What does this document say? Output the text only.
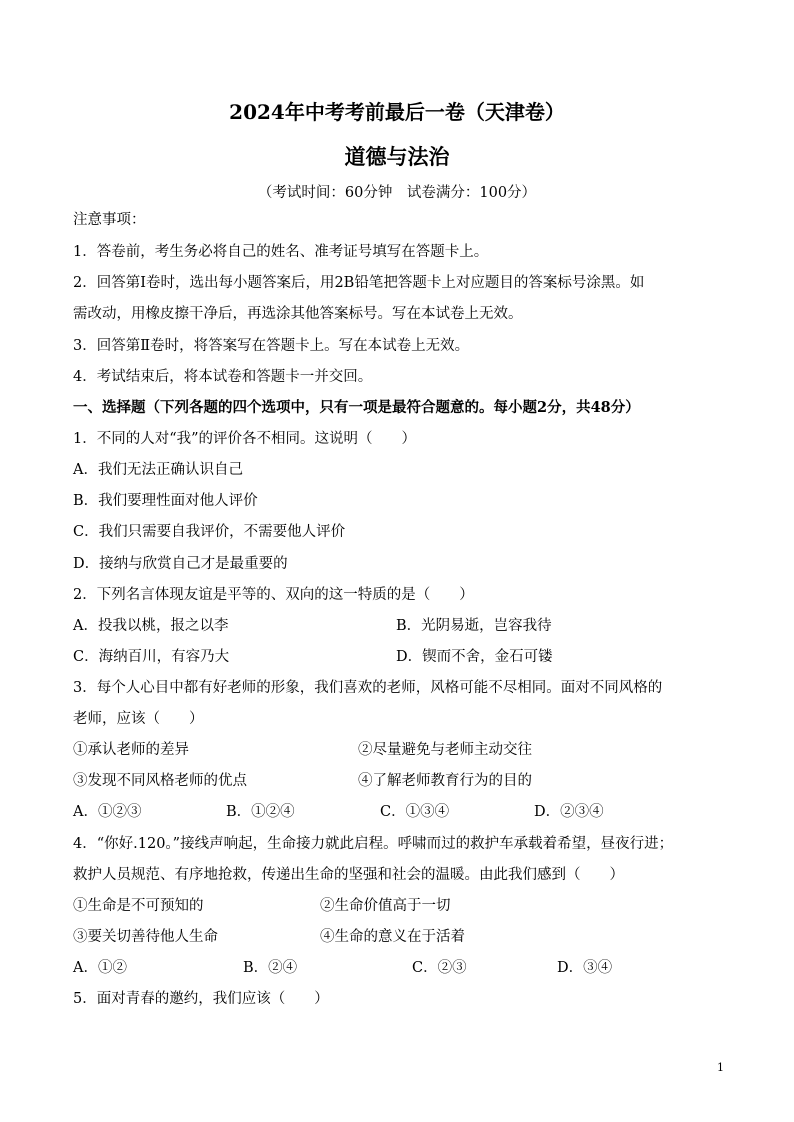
2024年中考考前最后一卷（天津卷）
道德与法治
（考试时间：60分钟　试卷满分：100分）
注意事项：
1．答卷前，考生务必将自己的姓名、准考证号填写在答题卡上。
2．回答第Ⅰ卷时，选出每小题答案后，用2B铅笔把答题卡上对应题目的答案标号涂黑。如
需改动，用橡皮擦干净后，再选涂其他答案标号。写在本试卷上无效。
3．回答第Ⅱ卷时，将答案写在答题卡上。写在本试卷上无效。
4．考试结束后，将本试卷和答题卡一并交回。
一、选择题（下列各题的四个选项中，只有一项是最符合题意的。每小题2分，共48分）
1．不同的人对“我”的评价各不相同。这说明（　　）
A．我们无法正确认识自己
B．我们要理性面对他人评价
C．我们只需要自我评价，不需要他人评价
D．接纳与欣赏自己才是最重要的
2．下列名言体现友谊是平等的、双向的这一特质的是（　　）
A．投我以桃，报之以李	B．光阴易逝，岂容我待
C．海纳百川，有容乃大	D．锲而不舍，金石可镂
3．每个人心目中都有好老师的形象，我们喜欢的老师，风格可能不尽相同。面对不同风格的
老师，应该（　　）
①承认老师的差异	②尽量避免与老师主动交往
③发现不同风格老师的优点	④了解老师教育行为的目的
A．①②③	B．①②④	C．①③④	D．②③④
4．“你好.120。”接线声响起，生命接力就此启程。呼啸而过的救护车承载着希望，昼夜行进；
救护人员规范、有序地抢救，传递出生命的坚强和社会的温暖。由此我们感到（　　）
①生命是不可预知的	②生命价值高于一切
③要关切善待他人生命	④生命的意义在于活着
A．①②	B．②④	C．②③	D．③④
5．面对青春的邀约，我们应该（　　）
1
